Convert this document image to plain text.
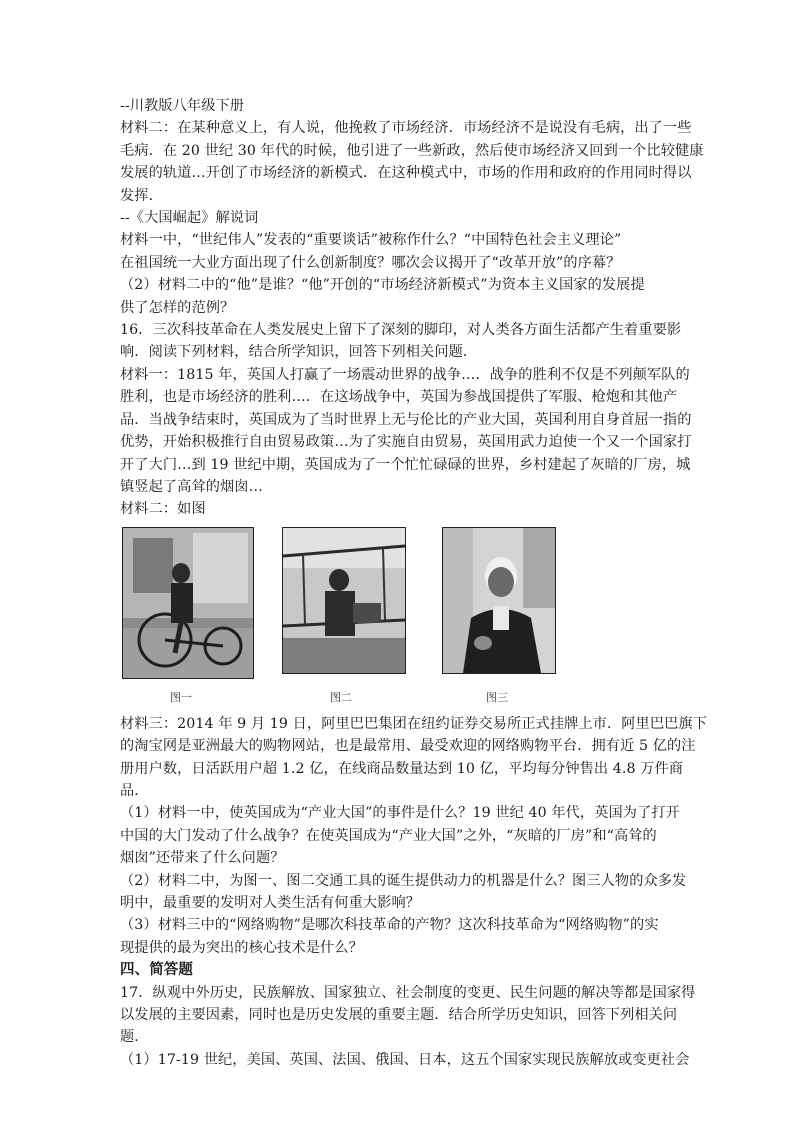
--川教版八年级下册
材料二：在某种意义上，有人说，他挽救了市场经济．市场经济不是说没有毛病，出了一些
毛病．在 20 世纪 30 年代的时候，他引进了一些新政，然后使市场经济又回到一个比较健康
发展的轨道…开创了市场经济的新模式．在这种模式中，市场的作用和政府的作用同时得以
发挥．
--《大国崛起》解说词
材料一中，“世纪伟人”发表的“重要谈话”被称作什么？“中国特色社会主义理论”
在祖国统一大业方面出现了什么创新制度？哪次会议揭开了“改革开放”的序幕？
（2）材料二中的“他”是谁？“他”开创的“市场经济新模式”为资本主义国家的发展提
供了怎样的范例？
16．三次科技革命在人类发展史上留下了深刻的脚印，对人类各方面生活都产生着重要影
响．阅读下列材料，结合所学知识，回答下列相关问题．
材料一：1815 年，英国人打赢了一场震动世界的战争…．战争的胜利不仅是不列颠军队的
胜利，也是市场经济的胜利…．在这场战争中，英国为参战国提供了军服、枪炮和其他产
品．当战争结束时，英国成为了当时世界上无与伦比的产业大国，英国利用自身首屈一指的
优势，开始积极推行自由贸易政策…为了实施自由贸易，英国用武力迫使一个又一个国家打
开了大门…到 19 世纪中期，英国成为了一个忙忙碌碌的世界，乡村建起了灰暗的厂房，城
镇竖起了高耸的烟囱…
材料二：如图
图一	图二	图三
材料三：2014 年 9 月 19 日，阿里巴巴集团在纽约证券交易所正式挂牌上市．阿里巴巴旗下
的淘宝网是亚洲最大的购物网站，也是最常用、最受欢迎的网络购物平台．拥有近 5 亿的注
册用户数，日活跃用户超 1.2 亿，在线商品数量达到 10 亿，平均每分钟售出 4.8 万件商
品．
（1）材料一中，使英国成为“产业大国”的事件是什么？19 世纪 40 年代，英国为了打开
中国的大门发动了什么战争？在使英国成为“产业大国”之外，“灰暗的厂房”和“高耸的
烟囱”还带来了什么问题？
（2）材料二中，为图一、图二交通工具的诞生提供动力的机器是什么？图三人物的众多发
明中，最重要的发明对人类生活有何重大影响？
（3）材料三中的“网络购物”是哪次科技革命的产物？这次科技革命为“网络购物”的实
现提供的最为突出的核心技术是什么？
四、简答题
17．纵观中外历史，民族解放、国家独立、社会制度的变更、民生问题的解决等都是国家得
以发展的主要因素，同时也是历史发展的重要主题．结合所学历史知识，回答下列相关问
题．
（1）17-19 世纪，美国、英国、法国、俄国、日本，这五个国家实现民族解放或变更社会
